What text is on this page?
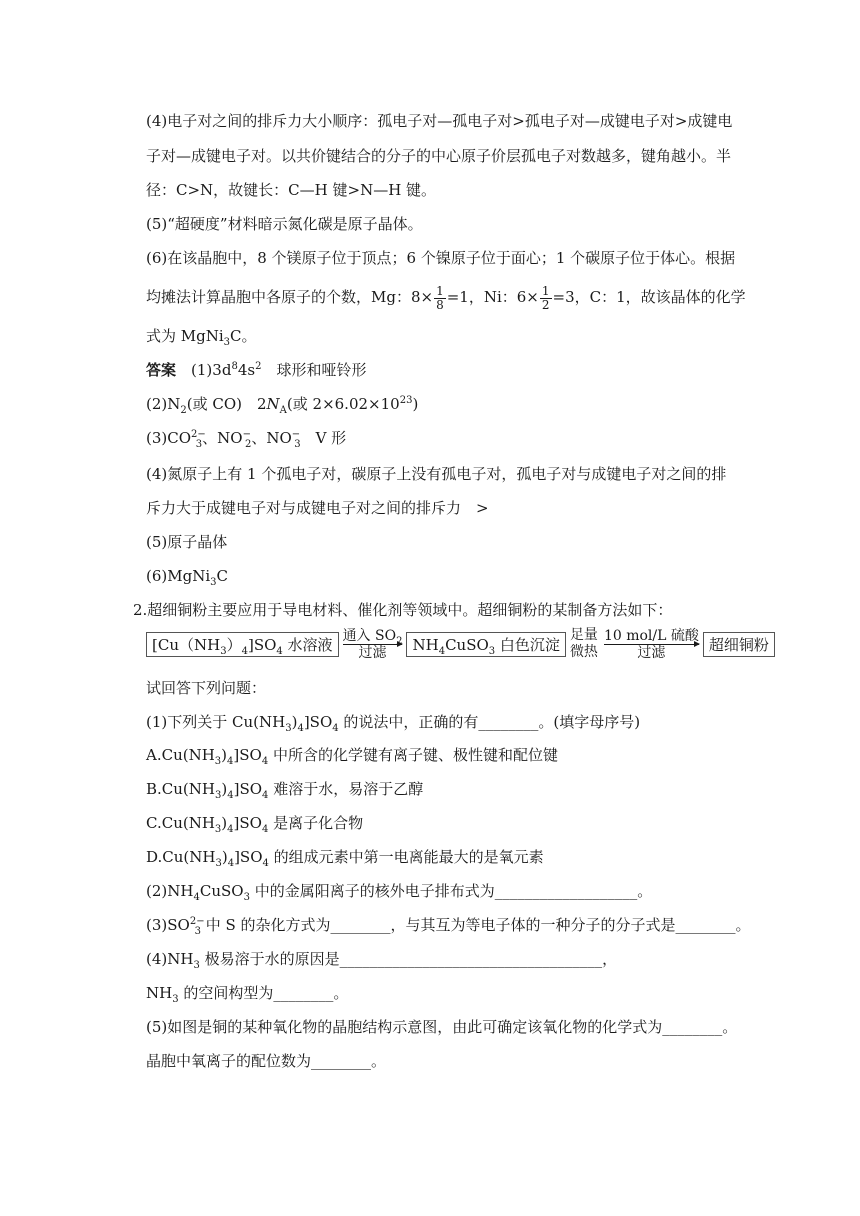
(4)电子对之间的排斥力大小顺序：孤电子对—孤电子对>孤电子对—成键电子对>成键电
子对—成键电子对。以共价键结合的分子的中心原子价层孤电子对数越多，键角越小。半
径：C>N，故键长：C—H 键>N—H 键。
(5)“超硬度”材料暗示氮化碳是原子晶体。
(6)在该晶胞中，8 个镁原子位于顶点；6 个镍原子位于面心；1 个碳原子位于体心。根据
均摊法计算晶胞中各原子的个数，Mg：$8\times \frac{1}{8} =1$，Ni：$6\times \frac{1}{2} =3$，C：1，故该晶体的化学
式为 MgNi$_3$C。
答案　 $(1)3d^84s^2$　球形和哑铃形
$(2)N_2$(或 CO)　$2N_A$(或 $2\times 6.02\times 10^{23}$)
$(3)CO^{2-}_3$、$NO^-_2$、$NO^-_3$　V 形
(4)氮原子上有 1 个孤电子对，碳原子上没有孤电子对，孤电子对与成键电子对之间的排
斥力大于成键电子对与成键电子对之间的排斥力　>
(5)原子晶体
(6)MgNi$_3$C
2.超细铜粉主要应用于导电材料、催化剂等领域中。超细铜粉的某制备方法如下：
$[Cu(NH_3)_4]SO_4$ 水溶液 通入 $SO_2$
过滤	$NH_4CuSO_3$ 白色沉淀
足量
微热
10 mol/L 硫酸
过滤	超细铜粉
试回答下列问题：
(1)下列关于 $Cu(NH_3)_4]SO_4$ 的说法中，正确的有________。(填字母序号)
$A.Cu(NH_3)_4]SO_4$ 中所含的化学键有离子键、极性键和配位键
$B.Cu(NH_3)_4]SO_4$ 难溶于水，易溶于乙醇
$C.Cu(NH_3)_4]SO_4$ 是离子化合物
$D.Cu(NH_3)_4]SO_4$ 的组成元素中第一电离能最大的是氧元素
$(2)NH_4CuSO_3$ 中的金属阳离子的核外电子排布式为___________________。
$(3)SO^{2-}_3$ 中 S 的杂化方式为________，与其互为等电子体的一种分子的分子式是________。
$(4)NH_3$ 极易溶于水的原因是___________________________________，
$NH_3$ 的空间构型为________。
(5)如图是铜的某种氧化物的晶胞结构示意图，由此可确定该氧化物的化学式为________。
晶胞中氧离子的配位数为________。
